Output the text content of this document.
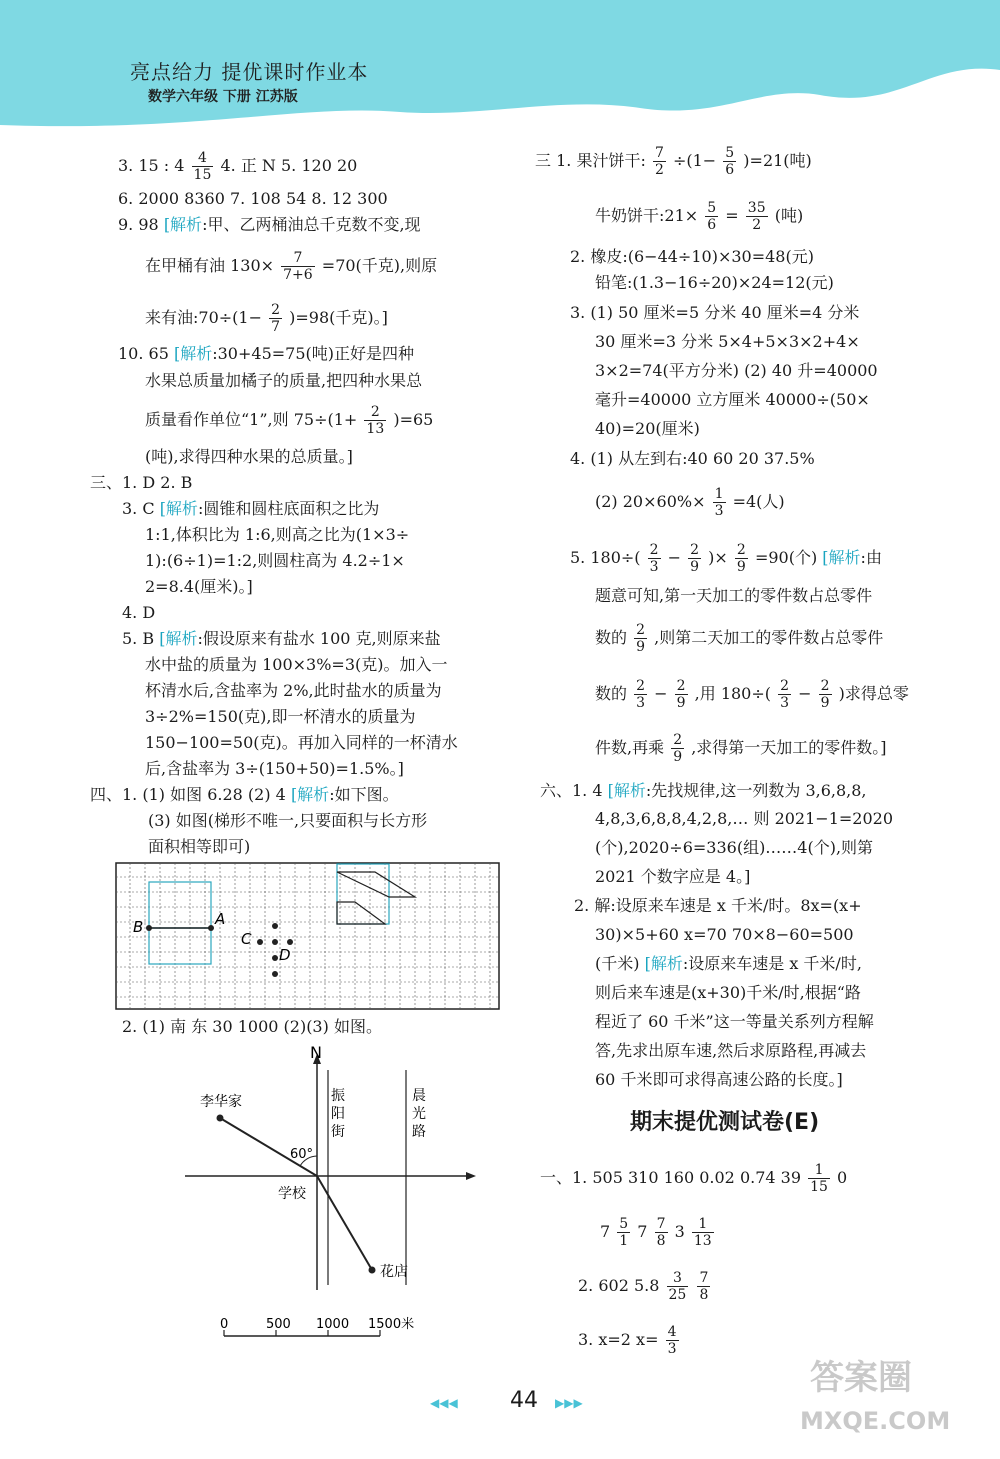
亮点给力 提优课时作业本
数学六年级 下册 江苏版
3. 15 : $4 \frac{4}{15} 4$. 正 N 5. 120 20
6. 2000 8360 7. 108 54 8. 12 300
9. 98 [解析:甲、乙两桶油总千克数不变,现
在甲桶有油 $130\times \frac{7}{7+6} =70$(千克),则原
来有油:70÷(1− $\frac{2}{7} )=98$(千克)。]
10. 65 [解析:30+45=75(吨)正好是四种
水果总质量加橘子的质量,把四种水果总
质量看作单位“1”,则 $75\div(1+ \frac{2}{13} )=65$
(吨),求得四种水果的总质量。]
三、1. D 2. B
3. C [解析:圆锥和圆柱底面积之比为
1:1,体积比为 1:6,则高之比为(1×3÷
1):(6÷1)=1:2,则圆柱高为 4.2÷1×
2=8.4(厘米)。]
4. D
5. B [解析:假设原来有盐水 100 克,则原来盐
水中盐的质量为 100×3%=3(克)。加入一
杯清水后,含盐率为 2%,此时盐水的质量为
3÷2%=150(克),即一杯清水的质量为
150−100=50(克)。再加入同样的一杯清水
后,含盐率为 3÷(150+50)=1.5%。]
四、1. (1) 如图 6.28 (2) 4 [解析:如下图。
(3) 如图(梯形不唯一,只要面积与长方形
面积相等即可)
B	A
C
D
2. (1) 南 东 30 1000 (2)(3) 如图。
N
振
阳
街
晨
光
路
李华家
60°
学校
花店
0	500 1000 1500米
三 1. 果汁饼干: $\frac{7}{2} \div(1- \frac{5}{6} )=21$(吨)
牛奶饼干:21× $\frac{5}{6} = \frac{35}{2}$ (吨)
2. 橡皮:(6−44÷10)×30=48(元)
铅笔:(1.3−16÷20)×24=12(元)
3. (1) 50 厘米=5 分米 40 厘米=4 分米
30 厘米=3 分米 5×4+5×3×2+4×
3×2=74(平方分米) (2) 40 升=40000
毫升=40000 立方厘米 40000÷(50×
40)=20(厘米)
4. (1) 从左到右:40 60 20 37.5%
(2) $20\times 60\%\times \frac{1}{3} =4$(人)
5. $180\div( \frac{2}{3} - \frac{2}{9}$ )× $\frac{2}{9} =90$(个) [解析:由
题意可知,第一天加工的零件数占总零件
数的 $\frac{2}{9}$ ,则第二天加工的零件数占总零件
数的 $\frac{2}{3} - \frac{2}{9}$ ,用 $180\div( \frac{2}{3} - \frac{2}{9}$ )求得总零
件数,再乘 $\frac{2}{9}$ ,求得第一天加工的零件数。]
六、1. 4 [解析:先找规律,这一列数为 3,6,8,8,
4,8,3,6,8,8,4,2,8,… 则 2021−1=2020
(个),2020÷6=336(组)……4(个),则第
2021 个数字应是 4。]
2. 解:设原来车速是 x 千米/时。8x=(x+
30)×5+60 x=70 70×8−60=500
(千米) [解析:设原来车速是 x 千米/时,
则后来车速是(x+30)千米/时,根据“路
程近了 60 千米”这一等量关系列方程解
答,先求出原车速,然后求原路程,再减去
60 千米即可求得高速公路的长度。]
期末提优测试卷(E)
一、1. 505 310 160 0.02 0.74 $39 \frac{1}{15} 0$
$7 \frac{5}{1} 7 \frac{7}{8} 3 \frac{1}{13}$
2. 602 $5.8 \frac{3}{25}$
$\frac{7}{8}$
3. x=2 $x= \frac{4}{3}$
◀◀◀ 44 ▶▶▶
答案圈
MXQE.COM
